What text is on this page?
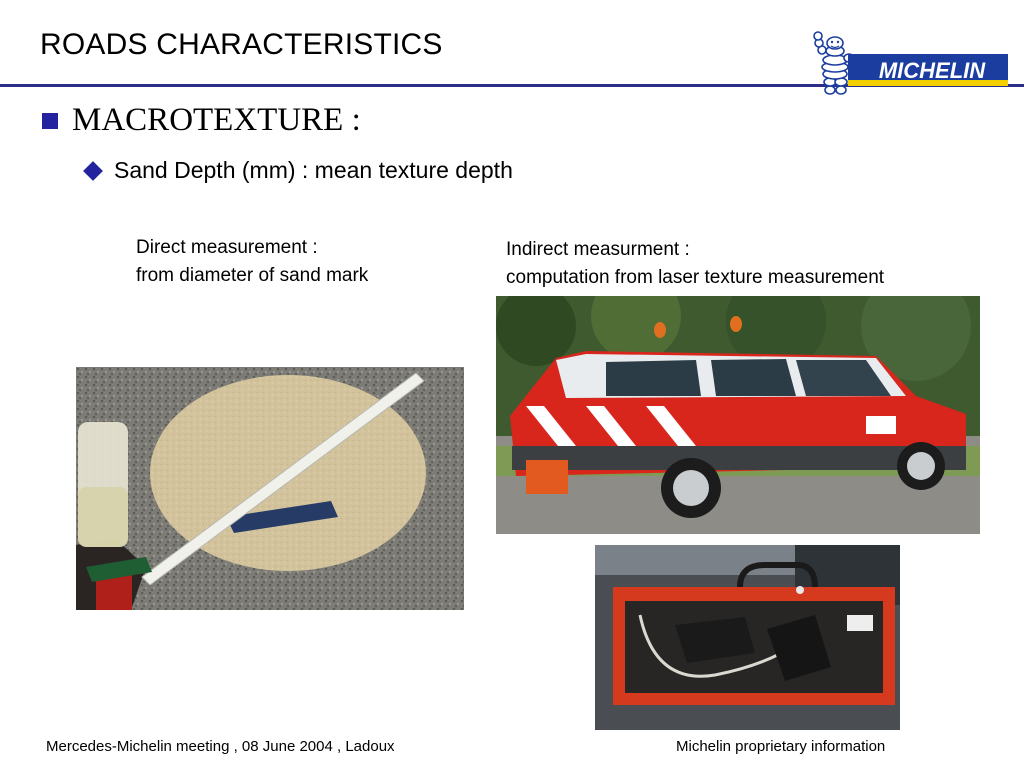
ROADS CHARACTERISTICS
MICHELIN
MACROTEXTURE :
Sand Depth (mm) : mean texture depth
Direct measurement :
from diameter of sand mark
Indirect measurment :
computation from laser texture measurement
Mercedes-Michelin meeting , 08 June 2004 , Ladoux	Michelin proprietary information
